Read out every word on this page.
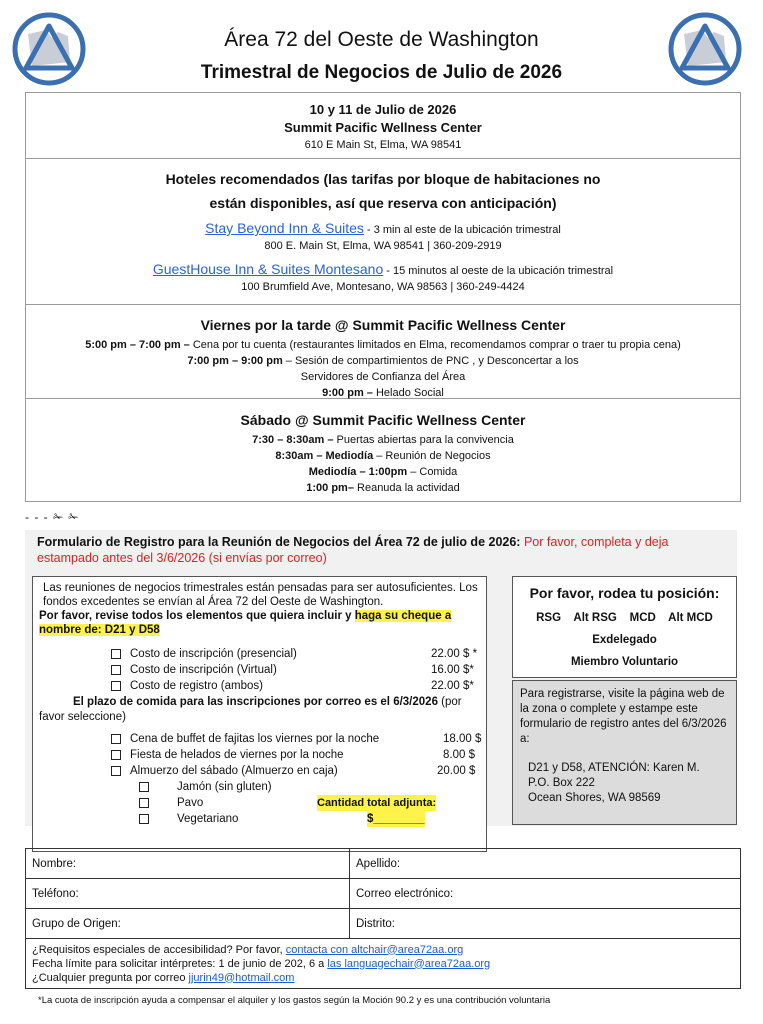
Área 72 del Oeste de Washington
Trimestral de Negocios de Julio de 2026
10 y 11 de Julio de 2026
Summit Pacific Wellness Center
610 E Main St, Elma, WA 98541
Hoteles recomendados (las tarifas por bloque de habitaciones no
están disponibles, así que reserva con anticipación)
Stay Beyond Inn & Suites - 3 min al este de la ubicación trimestral
800 E. Main St, Elma, WA 98541 | 360-209-2919
GuestHouse Inn & Suites Montesano - 15 minutos al oeste de la ubicación trimestral
100 Brumfield Ave, Montesano, WA 98563 | 360-249-4424
Viernes por la tarde @ Summit Pacific Wellness Center
5:00 pm – 7:00 pm – Cena por tu cuenta (restaurantes limitados en Elma, recomendamos comprar o traer tu propia cena)
7:00 pm – 9:00 pm – Sesión de compartimientos de PNC , y Desconcertar a los
Servidores de Confianza del Área
9:00 pm – Helado Social
Sábado @ Summit Pacific Wellness Center
7:30 – 8:30am – Puertas abiertas para la convivencia
8:30am – Mediodía – Reunión de Negocios
Mediodía – 1:00pm – Comida
1:00 pm– Reanuda la actividad
- - - ✁ ✁
Formulario de Registro para la Reunión de Negocios del Área 72 de julio de 2026: Por favor, completa y deja estampado antes del 3/6/2026 (si envías por correo)
Las reuniones de negocios trimestrales están pensadas para ser autosuficientes. Los fondos excedentes se envían al Área 72 del Oeste de Washington.
Por favor, revise todos los elementos que quiera incluir y haga su cheque a nombre de: D21 y D58
Costo de inscripción (presencial)	22.00 $ *
Costo de inscripción (Virtual)	16.00 $*
Costo de registro (ambos)	22.00 $*
El plazo de comida para las inscripciones por correo es el 6/3/2026 (por favor seleccione)
Cena de buffet de fajitas los viernes por la noche	18.00 $
Fiesta de helados de viernes por la noche	8.00 $
Almuerzo del sábado (Almuerzo en caja)	20.00 $
Jamón (sin gluten)
Pavo
Vegetariano
Cantidad total adjunta:
$________
Por favor, rodea tu posición:
RSG    Alt RSG    MCD    Alt MCD
Exdelegado
Miembro Voluntario
Para registrarse, visite la página web de la zona o complete y estampe este formulario de registro antes del 6/3/2026 a:
D21 y D58, ATENCIÓN: Karen M.
P.O. Box 222
Ocean Shores, WA 98569
Nombre:	Apellido:
Teléfono:	Correo electrónico:
Grupo de Origen:	Distrito:

¿Requisitos especiales de accesibilidad? Por favor, contacta con altchair@area72aa.org
Fecha límite para solicitar intérpretes: 1 de junio de 202, 6 a las languagechair@area72aa.org
¿Cualquier pregunta por correo jjurin49@hotmail.com	
*La cuota de inscripción ayuda a compensar el alquiler y los gastos según la Moción 90.2 y es una contribución voluntaria
